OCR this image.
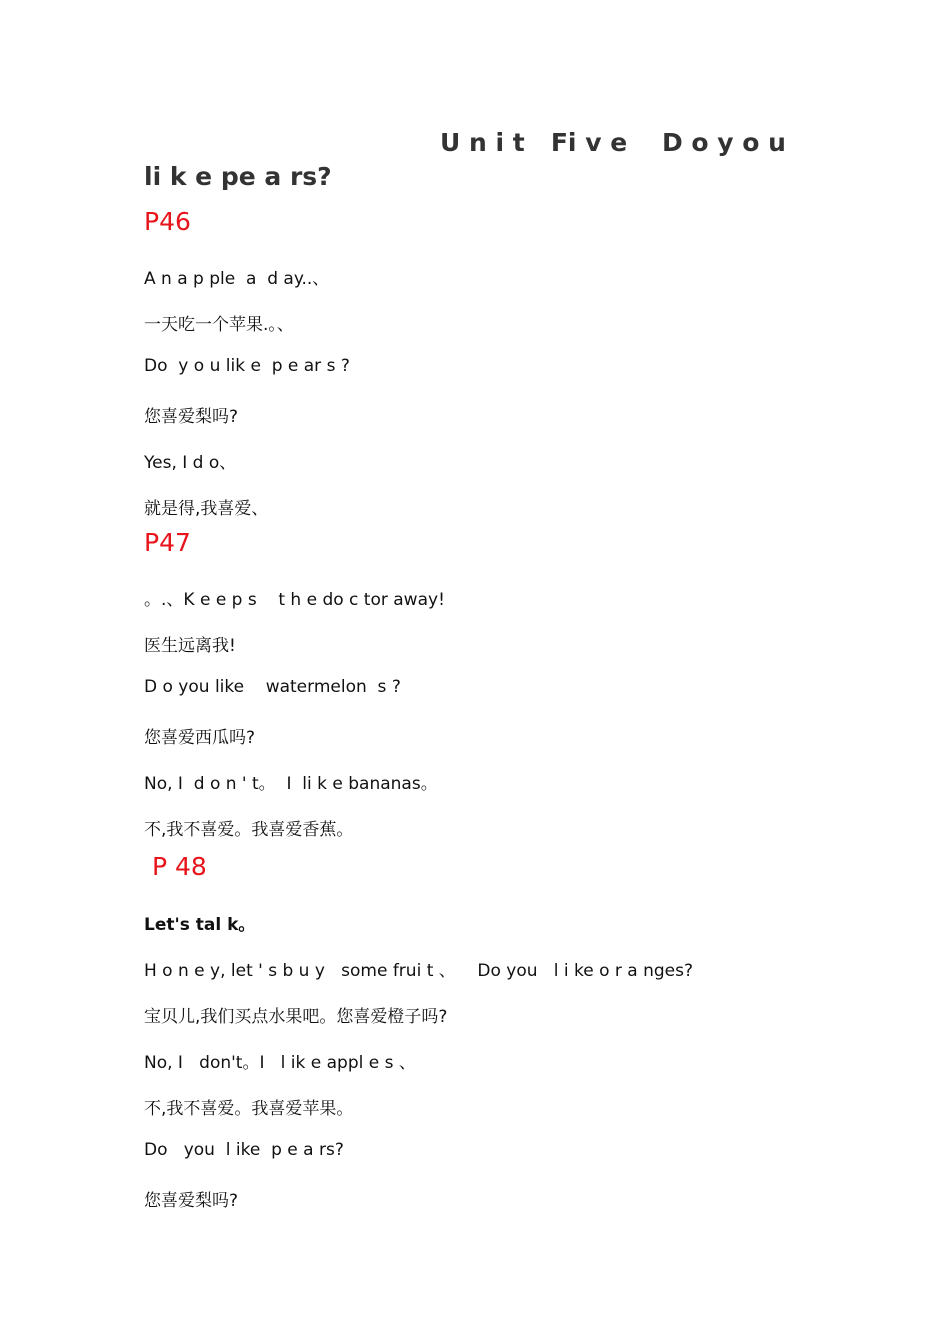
U n i t   Fi v e    D o y o u
li k e pe a rs?
P46
A n a p ple  a  d ay..、
一天吃一个苹果.。、
Do  y o u lik e  p e ar s ?
您喜爱梨吗?
Yes, I d o、
就是得,我喜爱、
P47
。.、K e e p s    t h e do c tor away!
医生远离我!
D o you like    watermelon  s ?
您喜爱西瓜吗?
No, I  d o n ' t。  I  li k e bananas。
不,我不喜爱。我喜爱香蕉。
P 48
Let's tal k。
H o n e y, let ' s b u y   some frui t 、    Do you   l i ke o r a nges?
宝贝儿,我们买点水果吧。您喜爱橙子吗?
No, I   don't。I   l ik e appl e s 、
不,我不喜爱。我喜爱苹果。
Do   you  l ike  p e a rs?
您喜爱梨吗?
